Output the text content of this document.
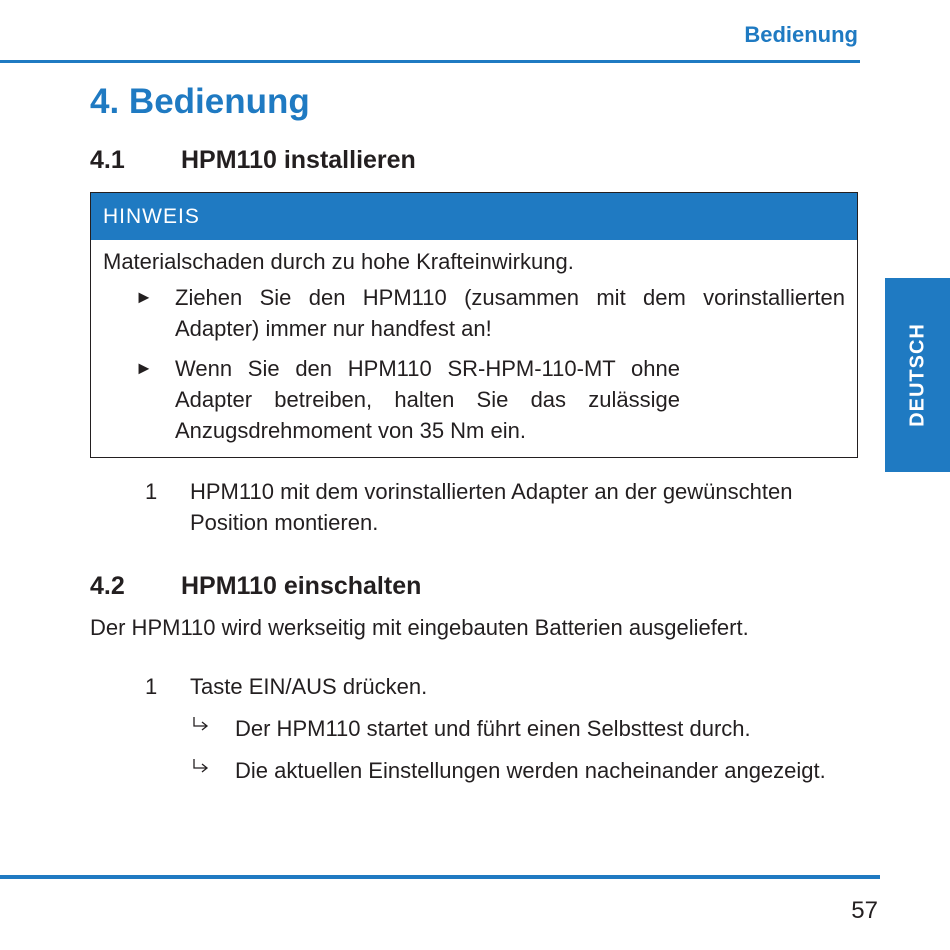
Bedienung
4. Bedienung
4.1 HPM110 installieren
HINWEIS

Materialschaden durch zu hohe Krafteinwirkung.

► Ziehen Sie den HPM110 (zusammen mit dem vorinstallierten Adapter) immer nur handfest an!
► Wenn Sie den HPM110 SR-HPM-110-MT ohne Adapter betreiben, halten Sie das zulässige Anzugsdrehmoment von 35 Nm ein.
1	HPM110 mit dem vorinstallierten Adapter an der gewünschten Position montieren.
4.2 HPM110 einschalten

Der HPM110 wird werkseitig mit eingebauten Batterien ausgeliefert.

1	Taste EIN/AUS drücken.
Der HPM110 startet und führt einen Selbsttest durch.
Die aktuellen Einstellungen werden nacheinander angezeigt.
DEUTSCH
57
